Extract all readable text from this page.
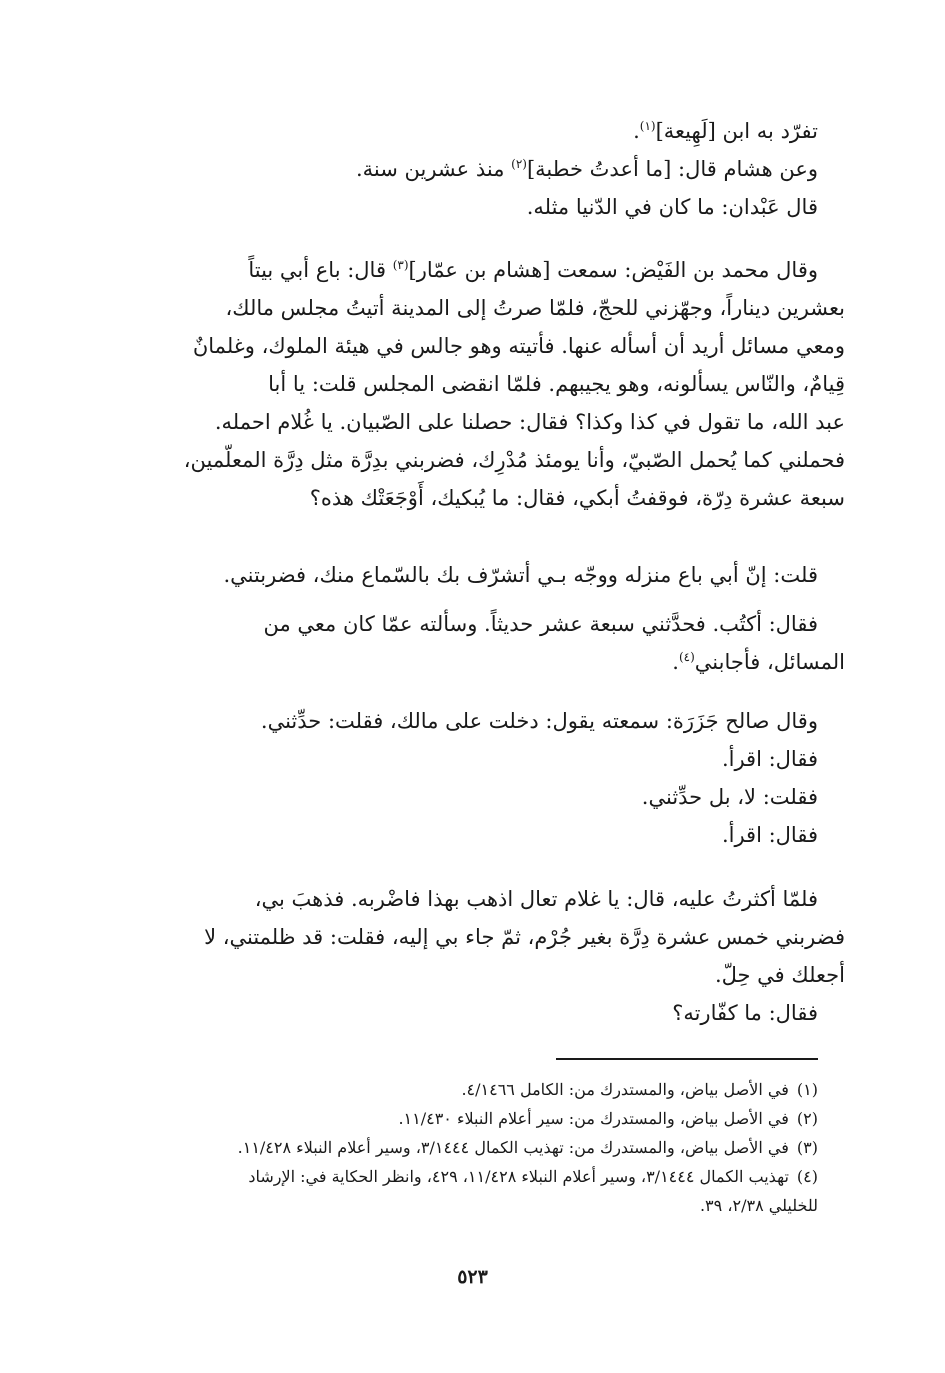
تفرّد به ابن [لَهِيعة]$^{(١)}$.
وعن هشام قال: [ما أعدتُ خطبة]$^{(٢)}$ منذ عشرين سنة.
قال عَبْدان: ما كان في الدّنيا مثله.
وقال محمد بن الفَيْض: سمعت [هشام بن عمّار]$^{(٣)}$ قال: باع أبي بيتاً
بعشرين ديناراً، وجهّزني للحجّ، فلمّا صرتُ إلى المدينة أتيتُ مجلس مالك،
ومعي مسائل أريد أن أسأله عنها. فأتيته وهو جالس في هيئة الملوك، وغلمانٌ
قِيامٌ، والنّاس يسألونه، وهو يجيبهم. فلمّا انقضى المجلس قلت: يا أبا
عبد الله، ما تقول في كذا وكذا؟ فقال: حصلنا على الصّبيان. يا غُلام احمله.
فحملني كما يُحمل الصّبيّ، وأنا يومئذ مُدْرِك، فضربني بدِرَّة مثل دِرَّة المعلّمين،
سبعة عشرة دِرّة، فوقفتُ أبكي، فقال: ما يُبكيك، أَوْجَعَتْك هذه؟
قلت: إنّ أبي باع منزله ووجّه بـي أتشرّف بك بالسّماع منك، فضربتني.
فقال: أكتُب. فحدَّثني سبعة عشر حديثاً. وسألته عمّا كان معي من
المسائل، فأجابني$^{(٤)}$.
وقال صالح جَزَرَة: سمعته يقول: دخلت على مالك، فقلت: حدِّثني.
فقال: اقرأ.
فقلت: لا، بل حدِّثني.
فقال: اقرأ.
فلمّا أكثرتُ عليه، قال: يا غلام تعال اذهب بهذا فاضْربه. فذهبَ بي،
فضربني خمس عشرة دِرَّة بغير جُرْم، ثمّ جاء بي إليه، فقلت: قد ظلمتني، لا
أجعلك في حِلّ.
فقال: ما كفّارته؟
(١)في الأصل بياض، والمستدرك من: الكامل ٤/١٤٦٦.
(٢)في الأصل بياض، والمستدرك من: سير أعلام النبلاء ١١/٤٣٠.
(٣)في الأصل بياض، والمستدرك من: تهذيب الكمال ٣/١٤٤٤، وسير أعلام النبلاء ١١/٤٢٨.
(٤)تهذيب الكمال ٣/١٤٤٤، وسير أعلام النبلاء ١١/٤٢٨، ٤٢٩، وانظر الحكاية في: الإرشاد
للخليلي ٢/٣٨، ٣٩.
٥٢٣
